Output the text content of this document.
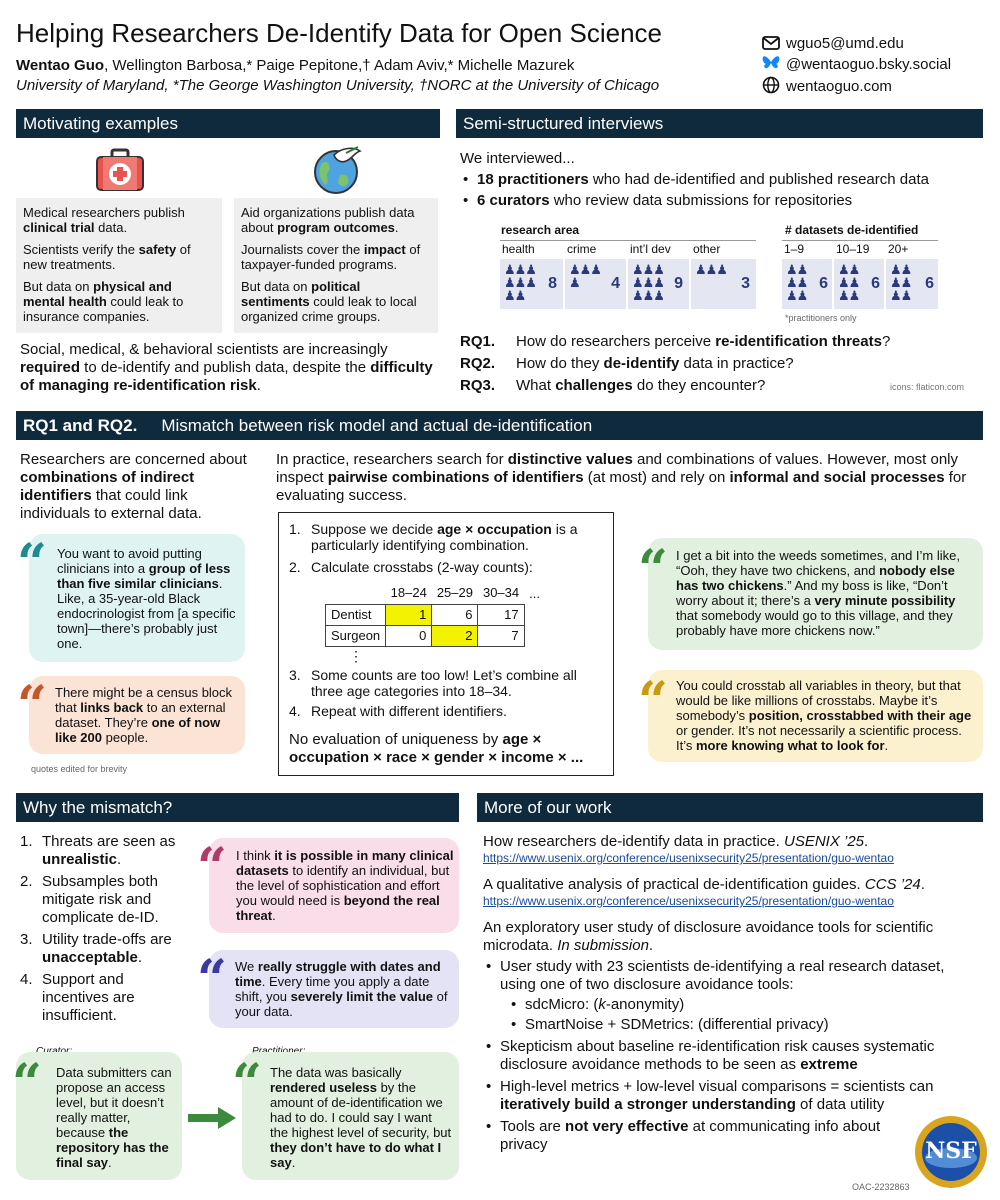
Helping Researchers De-Identify Data for Open Science
Wentao Guo, Wellington Barbosa,* Paige Pepitone,† Adam Aviv,* Michelle Mazurek
University of Maryland, *The George Washington University, †NORC at the University of Chicago
wguo5@umd.edu
@wentaoguo.bsky.social
wentaoguo.com
Motivating examples

Medical researchers publish clinical trial data.

Scientists verify the safety of new treatments.

But data on physical and mental health could leak to insurance companies.

Aid organizations publish data about program outcomes.

Journalists cover the impact of taxpayer-funded programs.

But data on political sentiments could leak to local organized crime groups.

Social, medical, & behavioral scientists are increasingly required to de-identify and publish data, despite the difficulty of managing re-identification risk.
Semi-structured interviews
We interviewed...
• 18 practitioners who had de-identified and published research data
• 6 curators who review data submissions for repositories
research area
health
♟♟♟
♟♟♟
♟♟
8
crime
♟♟♟
♟	4
int’l dev
♟♟♟
♟♟♟
♟♟♟
9
other
♟♟♟
3
# datasets de-identified
1–9
♟♟
♟♟
♟♟
6
10–19
♟♟
♟♟
♟♟
6
20+
♟♟
♟♟
♟♟
6
*practitioners only
RQ1. How do researchers perceive re-identification threats?
RQ2. How do they de-identify data in practice?
RQ3. What challenges do they encounter?	icons: flaticon.com
RQ1 and RQ2. Mismatch between risk model and actual de-identification
Researchers are concerned about combinations of indirect identifiers that could link individuals to external data.
“ You want to avoid putting clinicians into a group of less than five similar clinicians. Like, a 35-year-old Black endocrinologist from [a specific town]—there’s probably just one.
“ There might be a census block that links back to an external dataset. They’re one of now like 200 people.
quotes edited for brevity
In practice, researchers search for distinctive values and combinations of values. However, most only inspect pairwise combinations of identifiers (at most) and rely on informal and social processes for evaluating success.
1. Suppose we decide age × occupation is a particularly identifying combination.
2. Calculate crosstabs (2-way counts):
	18–24	25–29	30–34	...
Dentist	1	6	17	
Surgeon	0	2	7	
⋮
3. Some counts are too low! Let’s combine all three age categories into 18–34.
4. Repeat with different identifiers.
No evaluation of uniqueness by age × occupation × race × gender × income × ...
“ I get a bit into the weeds sometimes, and I’m like, “Ooh, they have two chickens, and nobody else has two chickens.” And my boss is like, “Don’t worry about it; there’s a very minute possibility that somebody would go to this village, and they probably have more chickens now.”
“ You could crosstab all variables in theory, but that would be like millions of crosstabs. Maybe it’s somebody’s position, crosstabbed with their age or gender. It’s not necessarily a scientific process. It’s more knowing what to look for.
Why the mismatch?
1. Threats are seen as unrealistic.
2. Subsamples both mitigate risk and complicate de-ID.
3. Utility trade-offs are unacceptable.
4. Support and incentives are insufficient.
“ I think it is possible in many clinical datasets to identify an individual, but the level of sophistication and effort you would need is beyond the real threat.
“ We really struggle with dates and time. Every time you apply a date shift, you severely limit the value of your data.
“ Data submitters can propose an access level, but it doesn’t really matter, because the repository has the final say.
“ The data was basically rendered useless by the amount of de-identification we had to do. I could say I want the highest level of security, but they don’t have to do what I say.
More of our work
How researchers de-identify data in practice. USENIX ’25.
https://www.usenix.org/conference/usenixsecurity25/presentation/guo-wentao
A qualitative analysis of practical de-identification guides. CCS ’24.
https://www.usenix.org/conference/usenixsecurity25/presentation/guo-wentao
An exploratory user study of disclosure avoidance tools for scientific microdata. In submission.
• User study with 23 scientists de-identifying a real research dataset, using one of two disclosure avoidance tools:
• sdcMicro: (k-anonymity)
• SmartNoise + SDMetrics: (differential privacy)
• Skepticism about baseline re-identification risk causes systematic disclosure avoidance methods to be seen as extreme
• High-level metrics + low-level visual comparisons = scientists can iteratively build a stronger understanding of data utility
• Tools are not very effective at communicating info about privacy	NSF
OAC-2232863
